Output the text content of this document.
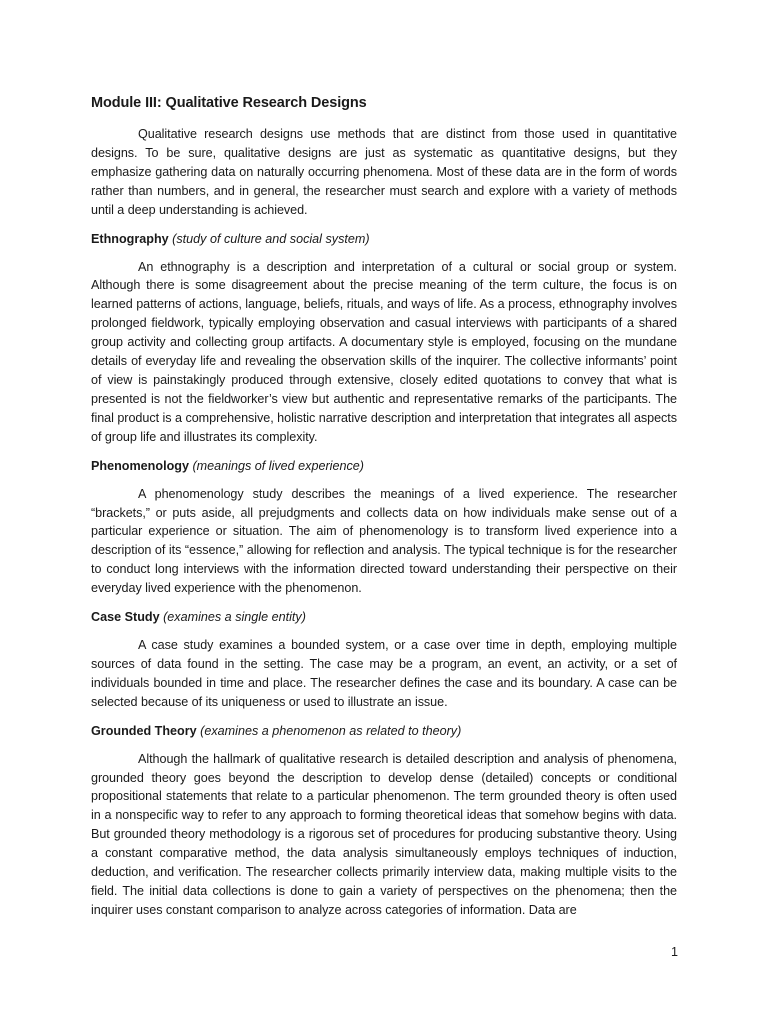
Module III: Qualitative Research Designs

Qualitative research designs use methods that are distinct from those used in quantitative designs. To be sure, qualitative designs are just as systematic as quantitative designs, but they emphasize gathering data on naturally occurring phenomena. Most of these data are in the form of words rather than numbers, and in general, the researcher must search and explore with a variety of methods until a deep understanding is achieved.

Ethnography (study of culture and social system)

An ethnography is a description and interpretation of a cultural or social group or system. Although there is some disagreement about the precise meaning of the term culture, the focus is on learned patterns of actions, language, beliefs, rituals, and ways of life. As a process, ethnography involves prolonged fieldwork, typically employing observation and casual interviews with participants of a shared group activity and collecting group artifacts. A documentary style is employed, focusing on the mundane details of everyday life and revealing the observation skills of the inquirer. The collective informants’ point of view is painstakingly produced through extensive, closely edited quotations to convey that what is presented is not the fieldworker’s view but authentic and representative remarks of the participants. The final product is a comprehensive, holistic narrative description and interpretation that integrates all aspects of group life and illustrates its complexity.

Phenomenology (meanings of lived experience)

A phenomenology study describes the meanings of a lived experience. The researcher “brackets,” or puts aside, all prejudgments and collects data on how individuals make sense out of a particular experience or situation. The aim of phenomenology is to transform lived experience into a description of its “essence,” allowing for reflection and analysis. The typical technique is for the researcher to conduct long interviews with the information directed toward understanding their perspective on their everyday lived experience with the phenomenon.

Case Study (examines a single entity)

A case study examines a bounded system, or a case over time in depth, employing multiple sources of data found in the setting. The case may be a program, an event, an activity, or a set of individuals bounded in time and place. The researcher defines the case and its boundary. A case can be selected because of its uniqueness or used to illustrate an issue.

Grounded Theory (examines a phenomenon as related to theory)

Although the hallmark of qualitative research is detailed description and analysis of phenomena, grounded theory goes beyond the description to develop dense (detailed) concepts or conditional propositional statements that relate to a particular phenomenon. The term grounded theory is often used in a nonspecific way to refer to any approach to forming theoretical ideas that somehow begins with data. But grounded theory methodology is a rigorous set of procedures for producing substantive theory. Using a constant comparative method, the data analysis simultaneously employs techniques of induction, deduction, and verification. The researcher collects primarily interview data, making multiple visits to the field. The initial data collections is done to gain a variety of perspectives on the phenomena; then the inquirer uses constant comparison to analyze across categories of information. Data are

1
